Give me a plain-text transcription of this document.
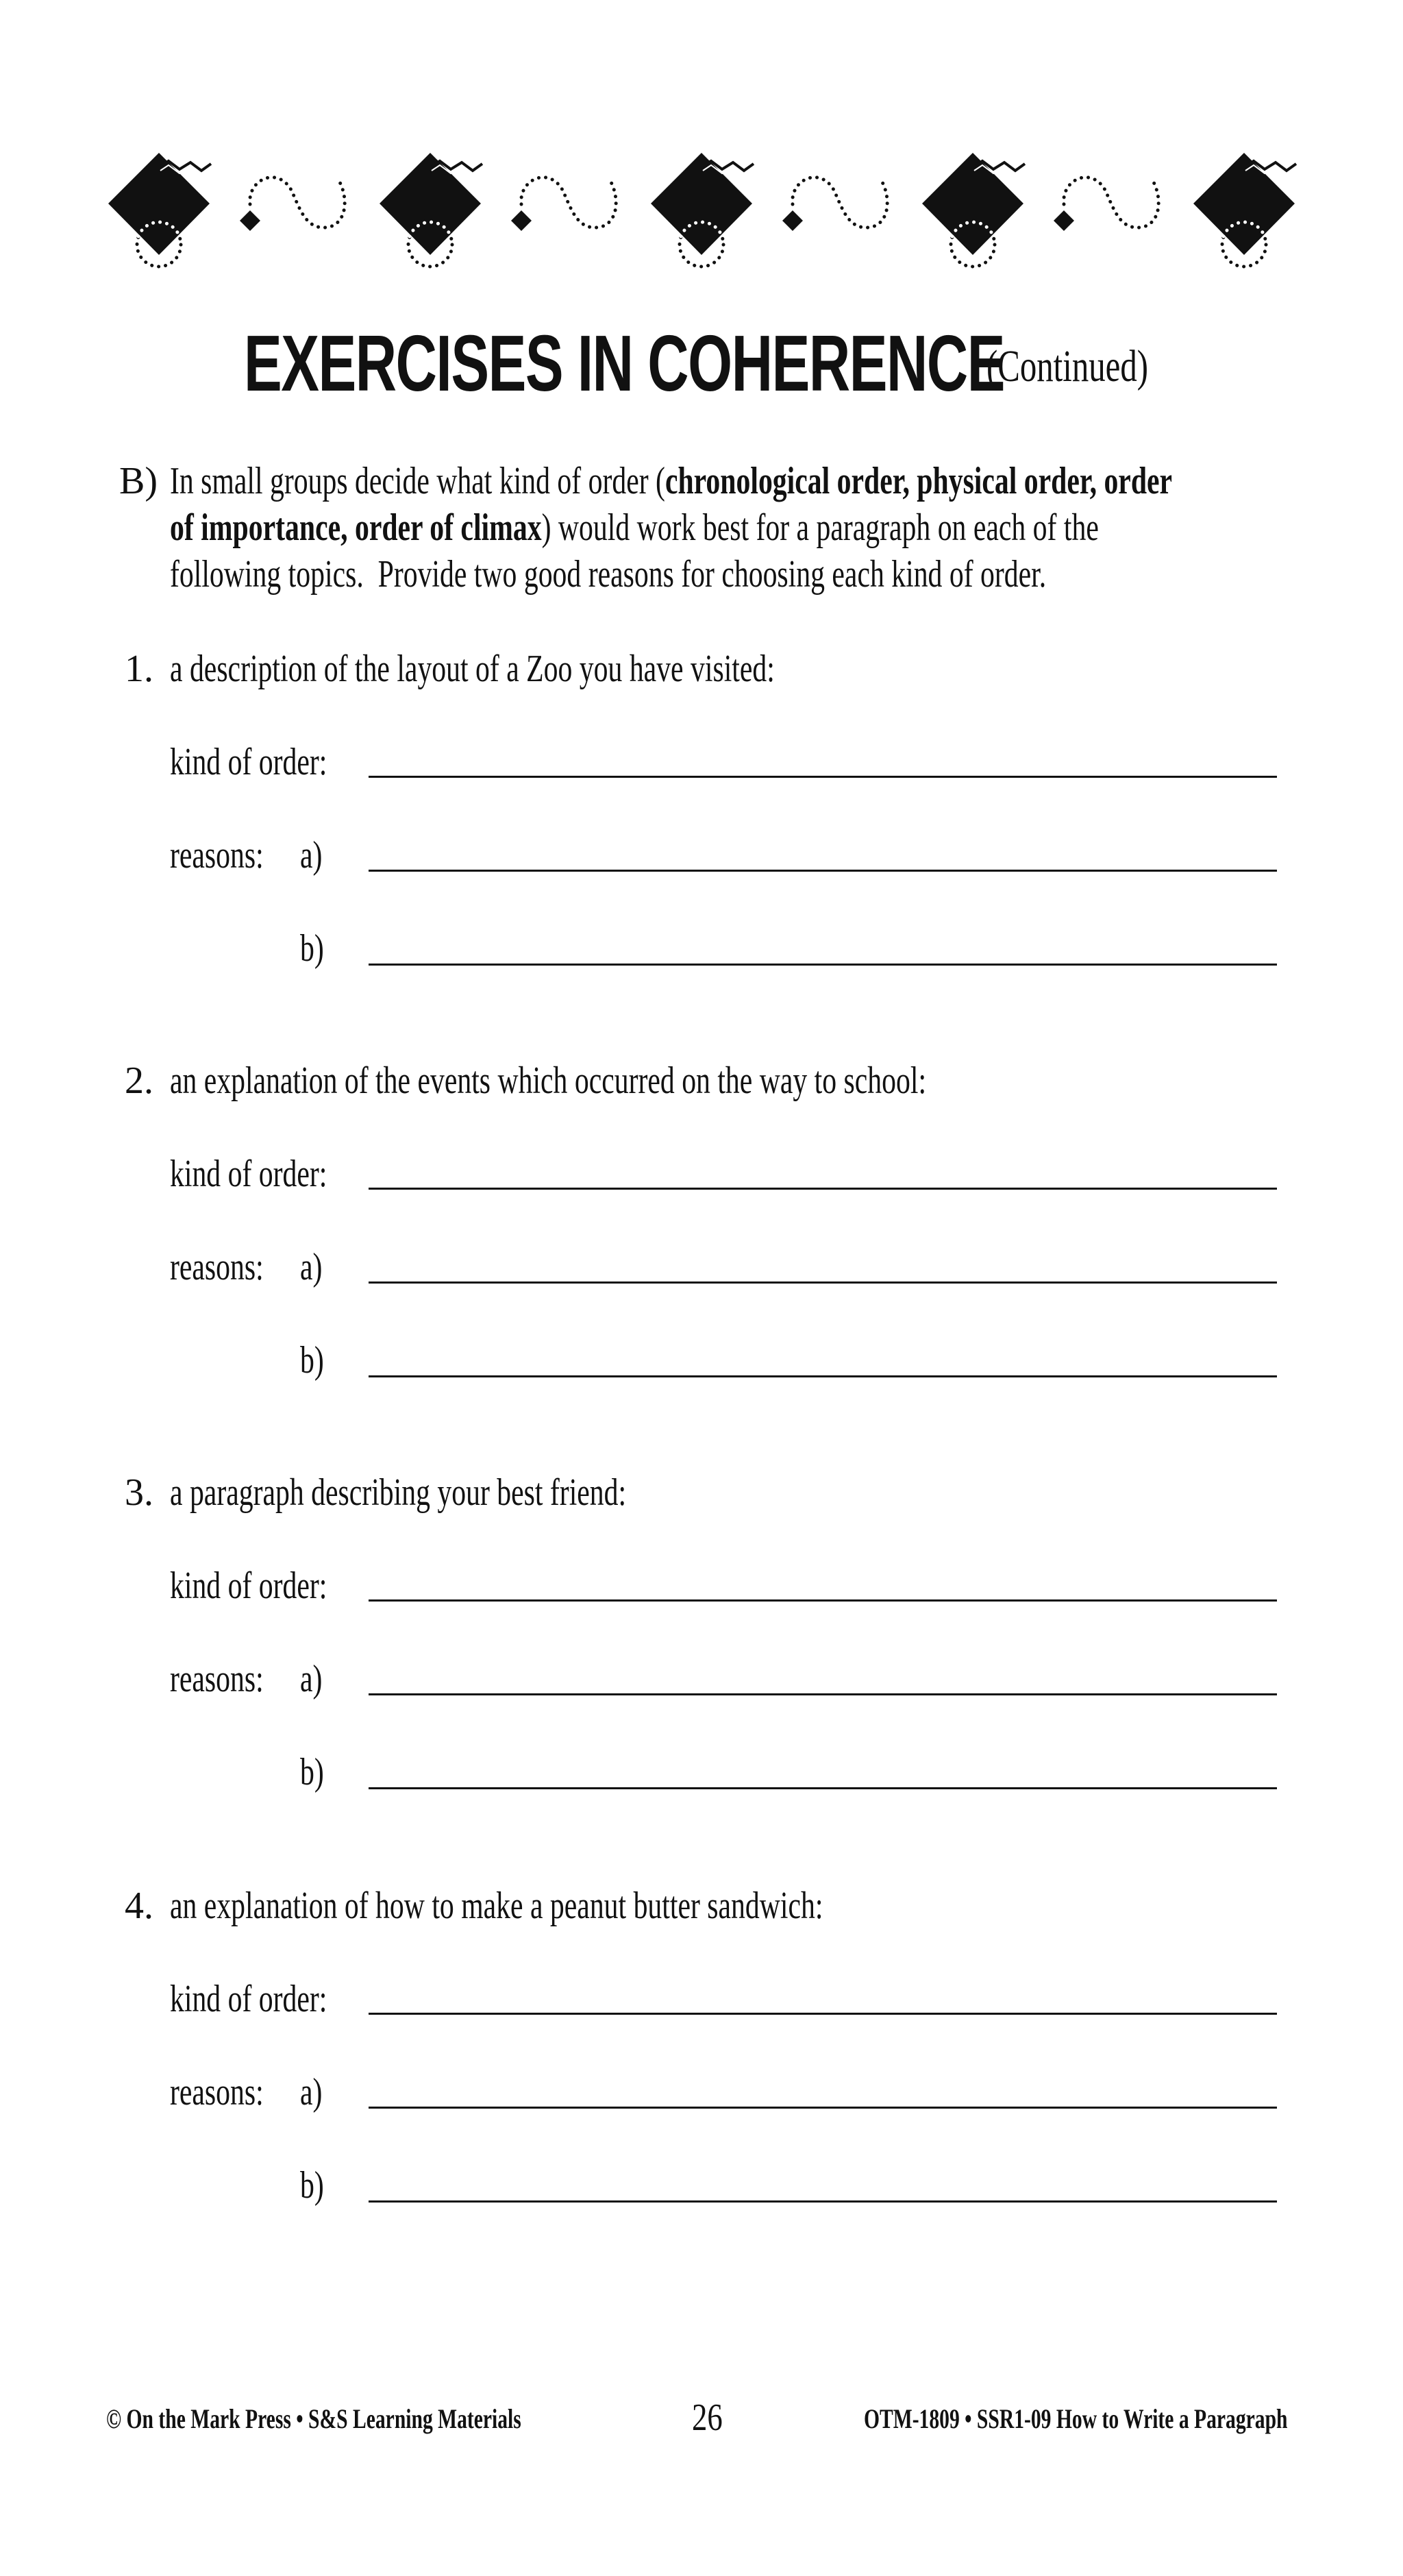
EXERCISES IN COHERENCE
(Continued)
B) In small groups decide what kind of order (chronological order, physical order, order
of importance, order of climax) would work best for a paragraph on each of the
following topics.  Provide two good reasons for choosing each kind of order.
1. a description of the layout of a Zoo you have visited:
kind of order:
reasons: a)
b)
2. an explanation of the events which occurred on the way to school:
kind of order:
reasons: a)
b)
3. a paragraph describing your best friend:
kind of order:
reasons: a)
b)
4. an explanation of how to make a peanut butter sandwich:
kind of order:
reasons: a)
b)
© On the Mark Press • S&S Learning Materials	26	OTM-1809 • SSR1-09 How to Write a Paragraph
